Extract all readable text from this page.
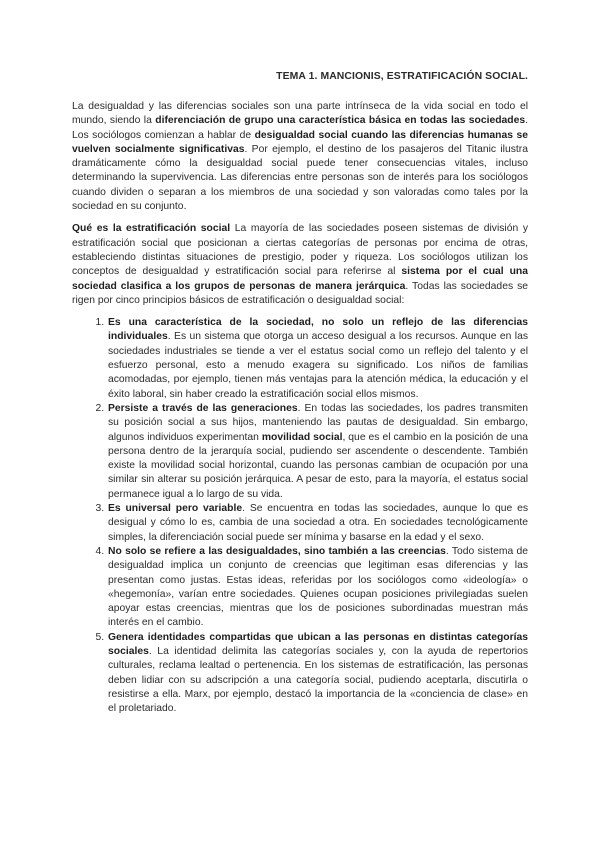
TEMA 1. MANCIONIS, ESTRATIFICACIÓN SOCIAL.

La desigualdad y las diferencias sociales son una parte intrínseca de la vida social en todo el mundo, siendo la diferenciación de grupo una característica básica en todas las sociedades. Los sociólogos comienzan a hablar de desigualdad social cuando las diferencias humanas se vuelven socialmente significativas. Por ejemplo, el destino de los pasajeros del Titanic ilustra dramáticamente cómo la desigualdad social puede tener consecuencias vitales, incluso determinando la supervivencia. Las diferencias entre personas son de interés para los sociólogos cuando dividen o separan a los miembros de una sociedad y son valoradas como tales por la sociedad en su conjunto.

Qué es la estratificación social La mayoría de las sociedades poseen sistemas de división y estratificación social que posicionan a ciertas categorías de personas por encima de otras, estableciendo distintas situaciones de prestigio, poder y riqueza. Los sociólogos utilizan los conceptos de desigualdad y estratificación social para referirse al sistema por el cual una sociedad clasifica a los grupos de personas de manera jerárquica. Todas las sociedades se rigen por cinco principios básicos de estratificación o desigualdad social:

1. Es una característica de la sociedad, no solo un reflejo de las diferencias individuales. Es un sistema que otorga un acceso desigual a los recursos. Aunque en las sociedades industriales se tiende a ver el estatus social como un reflejo del talento y el esfuerzo personal, esto a menudo exagera su significado. Los niños de familias acomodadas, por ejemplo, tienen más ventajas para la atención médica, la educación y el éxito laboral, sin haber creado la estratificación social ellos mismos.
2. Persiste a través de las generaciones. En todas las sociedades, los padres transmiten su posición social a sus hijos, manteniendo las pautas de desigualdad. Sin embargo, algunos individuos experimentan movilidad social, que es el cambio en la posición de una persona dentro de la jerarquía social, pudiendo ser ascendente o descendente. También existe la movilidad social horizontal, cuando las personas cambian de ocupación por una similar sin alterar su posición jerárquica. A pesar de esto, para la mayoría, el estatus social permanece igual a lo largo de su vida.
3. Es universal pero variable. Se encuentra en todas las sociedades, aunque lo que es desigual y cómo lo es, cambia de una sociedad a otra. En sociedades tecnológicamente simples, la diferenciación social puede ser mínima y basarse en la edad y el sexo.
4. No solo se refiere a las desigualdades, sino también a las creencias. Todo sistema de desigualdad implica un conjunto de creencias que legitiman esas diferencias y las presentan como justas. Estas ideas, referidas por los sociólogos como «ideología» o «hegemonía», varían entre sociedades. Quienes ocupan posiciones privilegiadas suelen apoyar estas creencias, mientras que los de posiciones subordinadas muestran más interés en el cambio.
5. Genera identidades compartidas que ubican a las personas en distintas categorías sociales. La identidad delimita las categorías sociales y, con la ayuda de repertorios culturales, reclama lealtad o pertenencia. En los sistemas de estratificación, las personas deben lidiar con su adscripción a una categoría social, pudiendo aceptarla, discutirla o resistirse a ella. Marx, por ejemplo, destacó la importancia de la «conciencia de clase» en el proletariado.
